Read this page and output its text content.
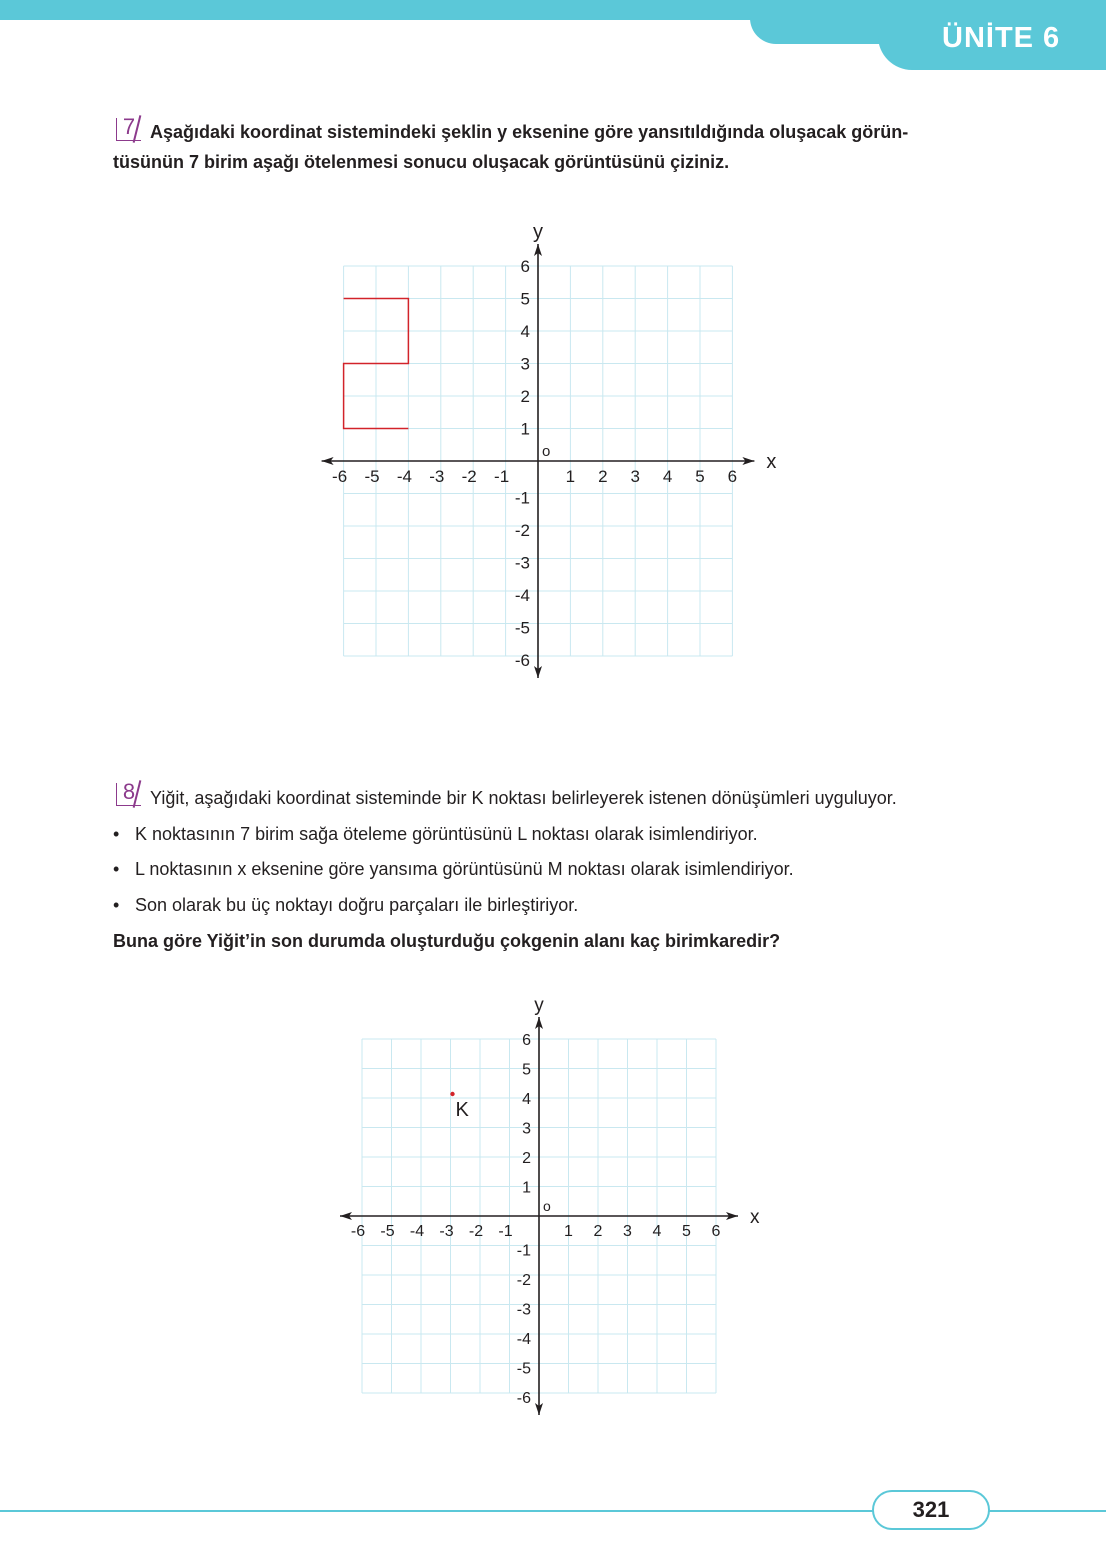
ÜNİTE 6
7 Aşağıdaki koordinat sistemindeki şeklin y eksenine göre yansıtıldığında oluşacak görün-
tüsünün 7 birim aşağı ötelenmesi sonucu oluşacak görüntüsünü çiziniz.
x
y
o
-6 -5 -4 -3 -2 -1	1 2 3 4 5 6
6
5
4
3
2
1
-1
-2
-3
-4
-5
-6
8 Yiğit, aşağıdaki koordinat sisteminde bir K noktası belirleyerek istenen dönüşümleri uyguluyor.
• K noktasının 7 birim sağa öteleme görüntüsünü L noktası olarak isimlendiriyor.
• L noktasının x eksenine göre yansıma görüntüsünü M noktası olarak isimlendiriyor.
• Son olarak bu üç noktayı doğru parçaları ile birleştiriyor.
Buna göre Yiğit’in son durumda oluşturduğu çokgenin alanı kaç birimkaredir?
x
y
o
-6 -5 -4 -3 -2 -1	1 2 3 4 5 6
6
5
4
3
2
1
-1
-2
-3
-4
-5
-6
K
321
